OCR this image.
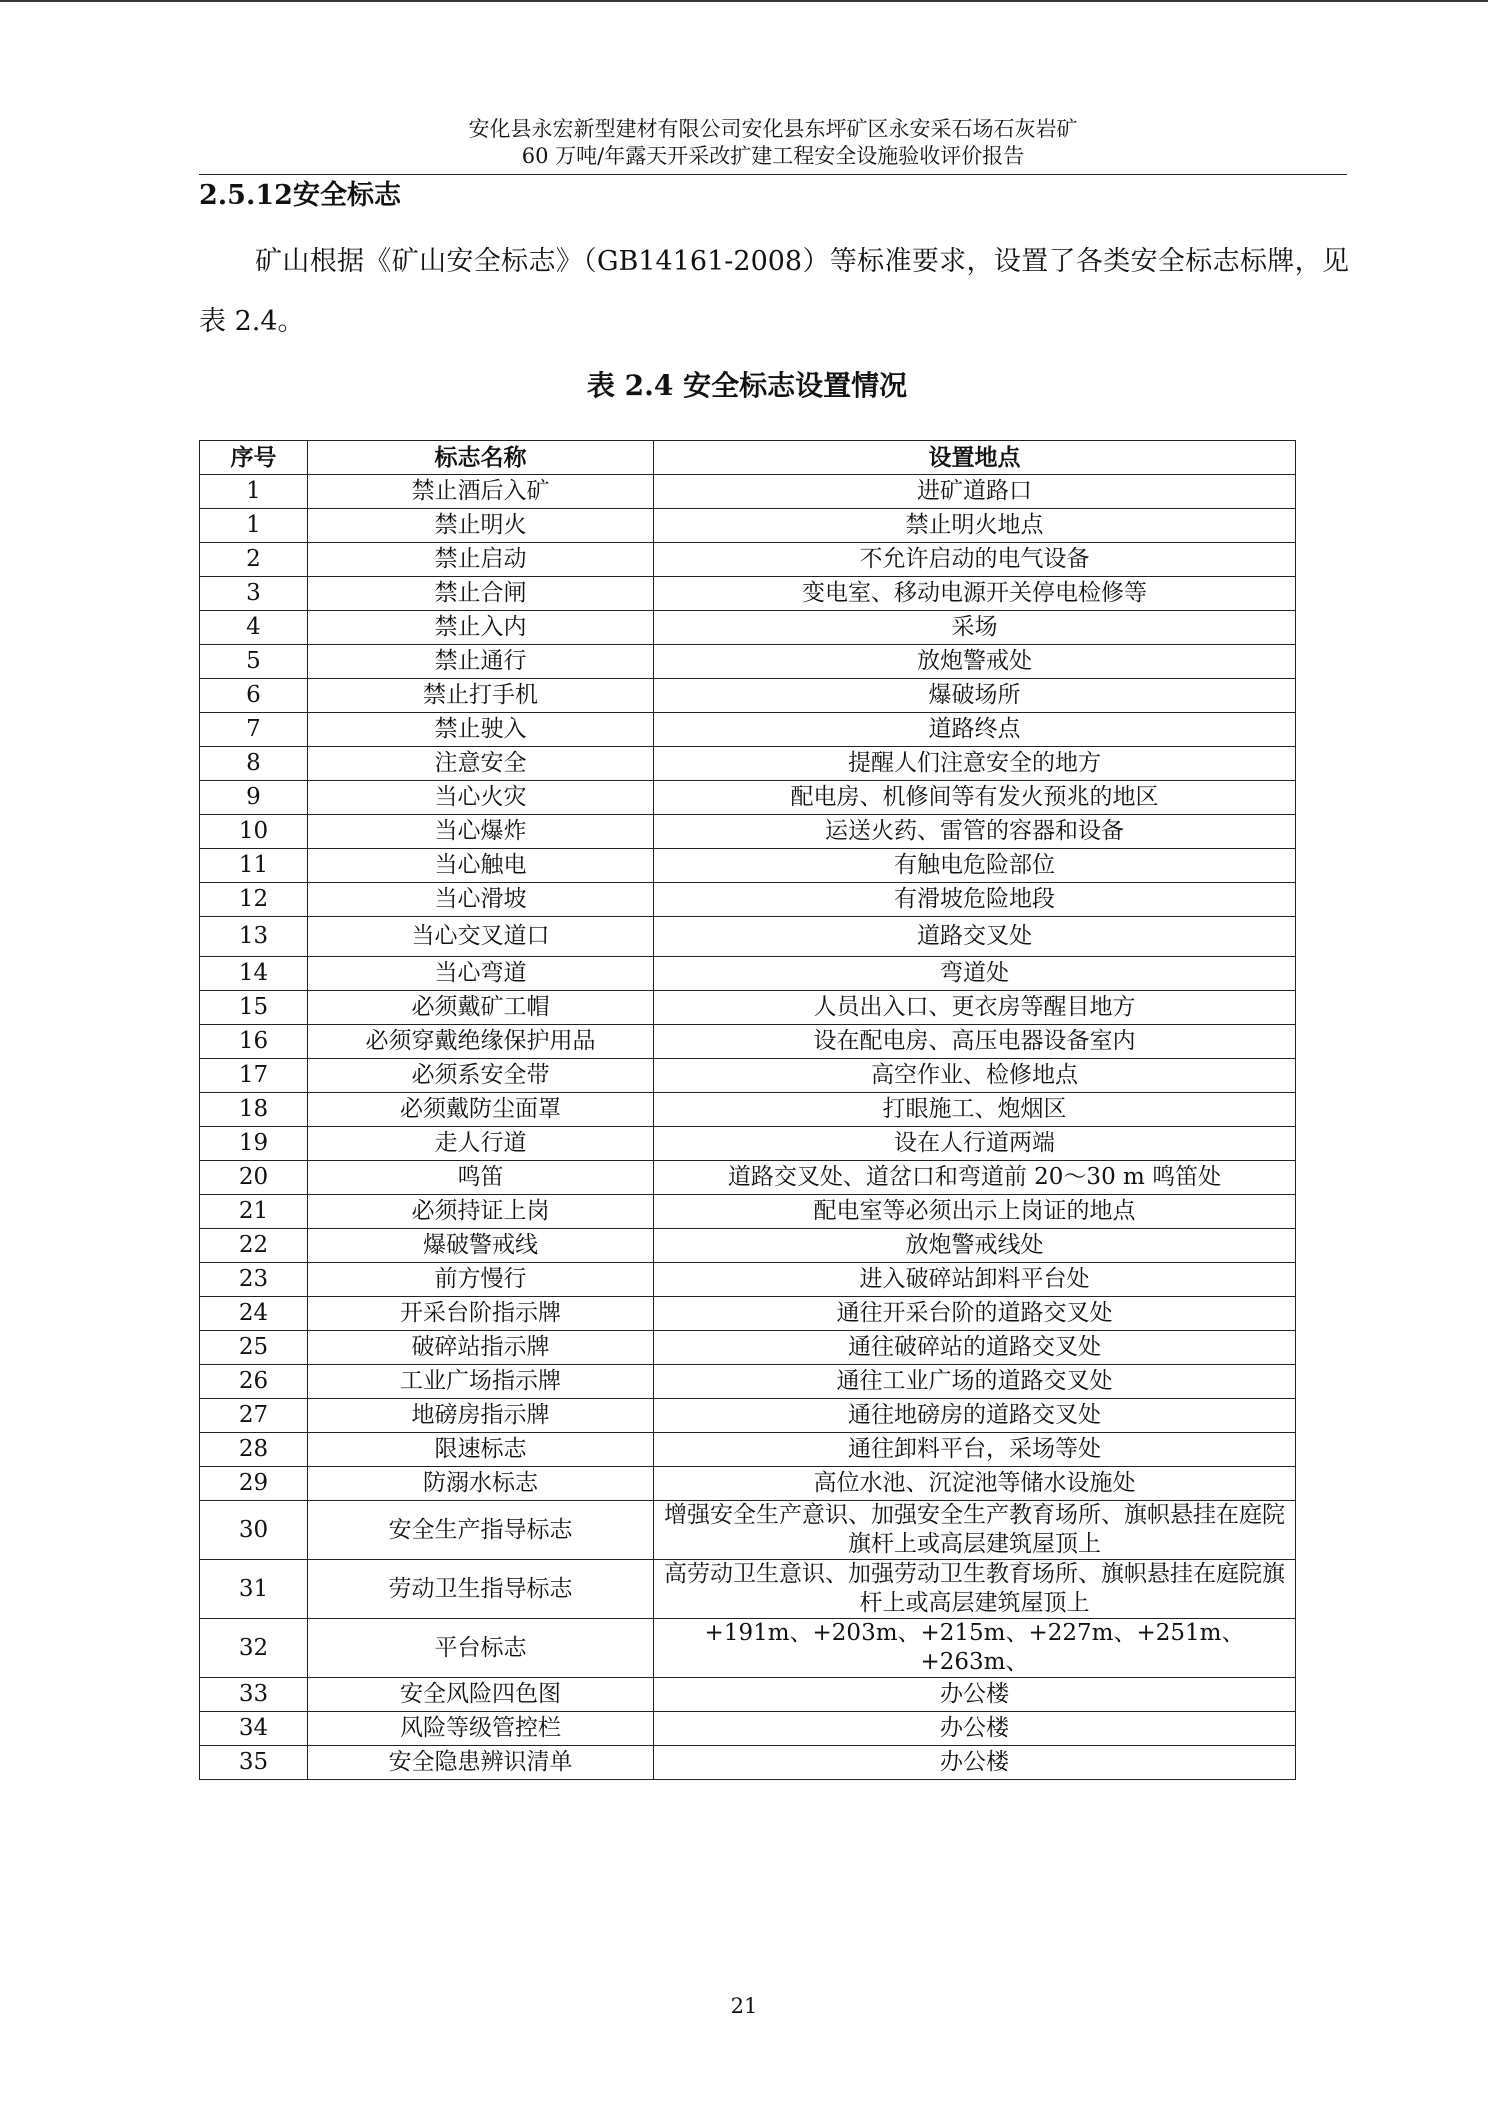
安化县永宏新型建材有限公司安化县东坪矿区永安采石场石灰岩矿
60 万吨/年露天开采改扩建工程安全设施验收评价报告
2.5.12安全标志
矿山根据《矿山安全标志》（GB14161-2008）等标准要求，设置了各类安全标志标牌，见表 2.4。
表 2.4 安全标志设置情况
序号	标志名称	设置地点
1	禁止酒后入矿	进矿道路口
1	禁止明火	禁止明火地点
2	禁止启动	不允许启动的电气设备
3	禁止合闸	变电室、移动电源开关停电检修等
4	禁止入内	采场
5	禁止通行	放炮警戒处
6	禁止打手机	爆破场所
7	禁止驶入	道路终点
8	注意安全	提醒人们注意安全的地方
9	当心火灾	配电房、机修间等有发火预兆的地区
10	当心爆炸	运送火药、雷管的容器和设备
11	当心触电	有触电危险部位
12	当心滑坡	有滑坡危险地段
13	当心交叉道口	道路交叉处
14	当心弯道	弯道处
15	必须戴矿工帽	人员出入口、更衣房等醒目地方
16	必须穿戴绝缘保护用品	设在配电房、高压电器设备室内
17	必须系安全带	高空作业、检修地点
18	必须戴防尘面罩	打眼施工、炮烟区
19	走人行道	设在人行道两端
20	鸣笛	道路交叉处、道岔口和弯道前 20～30 m 鸣笛处
21	必须持证上岗	配电室等必须出示上岗证的地点
22	爆破警戒线	放炮警戒线处
23	前方慢行	进入破碎站卸料平台处
24	开采台阶指示牌	通往开采台阶的道路交叉处
25	破碎站指示牌	通往破碎站的道路交叉处
26	工业广场指示牌	通往工业广场的道路交叉处
27	地磅房指示牌	通往地磅房的道路交叉处
28	限速标志	通往卸料平台，采场等处
29	防溺水标志	高位水池、沉淀池等储水设施处
30	安全生产指导标志	增强安全生产意识、加强安全生产教育场所、旗帜悬挂在庭院旗杆上或高层建筑屋顶上
31	劳动卫生指导标志	高劳动卫生意识、加强劳动卫生教育场所、旗帜悬挂在庭院旗杆上或高层建筑屋顶上
32	平台标志	+191m、+203m、+215m、+227m、+251m、+263m、
33	安全风险四色图	办公楼
34	风险等级管控栏	办公楼
35	安全隐患辨识清单	办公楼
21
